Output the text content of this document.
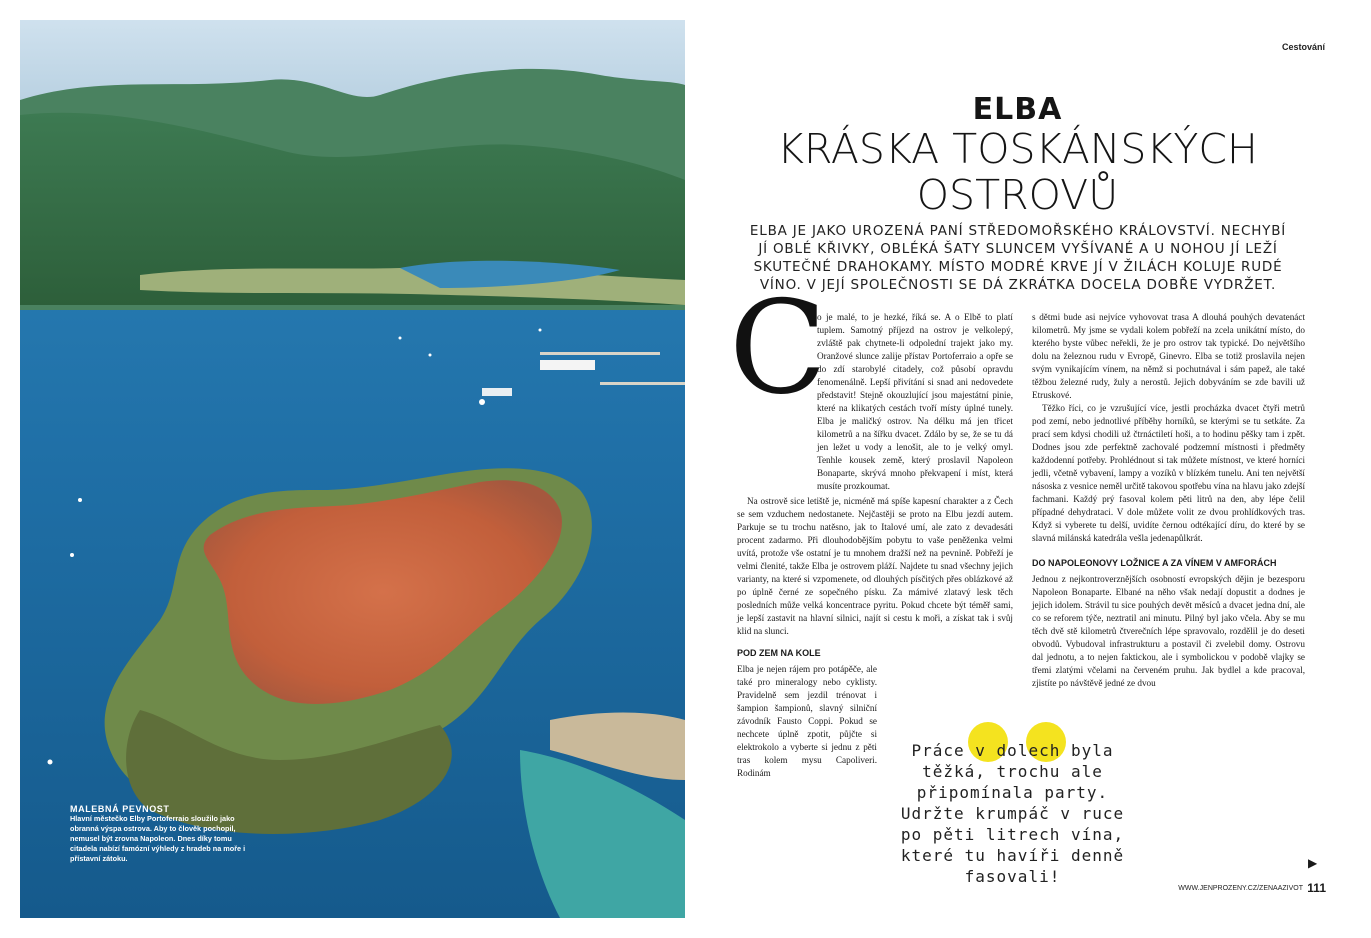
MALEBNÁ PEVNOST
Hlavní městečko Elby Portoferraio sloužilo jako obranná výspa ostrova. Aby to člověk pochopil, nemusel být zrovna Napoleon. Dnes díky tomu citadela nabízí famózní výhledy z hradeb na moře i přístavní zátoku.
Cestování
ELBA
KRÁSKA TOSKÁNSKÝCH
OSTROVŮ
ELBA JE JAKO UROZENÁ PANÍ STŘEDOMOŘSKÉHO KRÁLOVSTVÍ. NECHYBÍ JÍ OBLÉ KŘIVKY, OBLÉKÁ ŠATY SLUNCEM VYŠÍVANÉ A U NOHOU JÍ LEŽÍ SKUTEČNÉ DRAHOKAMY. MÍSTO MODRÉ KRVE JÍ V ŽILÁCH KOLUJE RUDÉ VÍNO. V JEJÍ SPOLEČNOSTI SE DÁ ZKRÁTKA DOCELA DOBŘE VYDRŽET.
C

o je malé, to je hezké, říká se. A o Elbě to platí tuplem. Samotný příjezd na ostrov je velkolepý, zvláště pak chytnete-li odpolední trajekt jako my. Oranžové slunce zalije přístav Portoferraio a opře se do zdí starobylé citadely, což působí opravdu fenomenálně. Lepší přivítání si snad ani nedovedete představit! Stejně okouzlující jsou majestátní pinie, které na klikatých cestách tvoří místy úplné tunely. Elba je maličký ostrov. Na délku má jen třicet kilometrů a na šířku dvacet. Zdálo by se, že se tu dá jen ležet u vody a lenošit, ale to je velký omyl. Tenhle kousek země, který proslavil Napoleon Bonaparte, skrývá mnoho překvapení i míst, která musíte prozkoumat.

Na ostrově sice letiště je, nicméně má spíše kapesní charakter a z Čech se sem vzduchem nedostanete. Nejčastěji se proto na Elbu jezdí autem. Parkuje se tu trochu natěsno, jak to Italové umí, ale zato z devadesáti procent zadarmo. Při dlouhodobějším pobytu to vaše peněženka velmi uvítá, protože vše ostatní je tu mnohem dražší než na pevnině. Pobřeží je velmi členité, takže Elba je ostrovem pláží. Najdete tu snad všechny jejich varianty, na které si vzpomenete, od dlouhých písčitých přes oblázkové až po úplně černé ze sopečného písku. Za mámivé zlatavý lesk těch posledních může velká koncentrace pyritu. Pokud chcete být téměř sami, je lepší zastavit na hlavní silnici, najít si cestu k moři, a získat tak i svůj klid na slunci.

POD ZEM NA KOLE

Elba je nejen rájem pro potápěče, ale také pro mineralogy nebo cyklisty. Pravidelně sem jezdil trénovat i šampion šampionů, slavný silniční závodník Fausto Coppi. Pokud se nechcete úplně zpotit, půjčte si elektrokolo a vyberte si jednu z pěti tras kolem mysu Capoliveri. Rodinám

s dětmi bude asi nejvíce vyhovovat trasa A dlouhá pouhých devatenáct kilometrů. My jsme se vydali kolem pobřeží na zcela unikátní místo, do kterého byste vůbec neřekli, že je pro ostrov tak typické. Do největšího dolu na železnou rudu v Evropě, Ginevro. Elba se totiž proslavila nejen svým vynikajícím vínem, na němž si pochutnával i sám papež, ale také těžbou železné rudy, žuly a nerostů. Jejich dobyváním se zde bavili už Etruskové.

Těžko říci, co je vzrušující více, jestli procházka dvacet čtyři metrů pod zemí, nebo jednotlivé příběhy horníků, se kterými se tu setkáte. Za prací sem kdysi chodili už čtrnáctiletí hoši, a to hodinu pěšky tam i zpět. Dodnes jsou zde perfektně zachovalé podzemní místnosti i předměty každodenní potřeby. Prohlédnout si tak můžete místnost, ve které horníci jedli, včetně vybavení, lampy a vozíků v blízkém tunelu. Ani ten největší násoska z vesnice neměl určitě takovou spotřebu vína na hlavu jako zdejší fachmani. Každý prý fasoval kolem pěti litrů na den, aby lépe čelil případné dehydrataci. V dole můžete volit ze dvou prohlídkových tras. Když si vyberete tu delší, uvidíte černou odtékající díru, do které by se slavná milánská katedrála vešla jedenapůlkrát.

DO NAPOLEONOVY LOŽNICE A ZA VÍNEM V AMFORÁCH

Jednou z nejkontroverznějších osobností evropských dějin je bezesporu Napoleon Bonaparte. Elbané na něho však nedají dopustit a dodnes je jejich idolem. Strávil tu sice pouhých devět měsíců a dvacet jedna dní, ale co se reforem týče, neztratil ani minutu. Pilný byl jako včela. Aby se mu těch dvě stě kilometrů čtverečních lépe spravovalo, rozdělil je do deseti obvodů. Vybudoval infrastrukturu a postavil či zvelebil domy. Ostrovu dal jednotu, a to nejen faktickou, ale i symbolickou v podobě vlajky se třemi zlatými včelami na červeném pruhu. Jak bydlel a kde pracoval, zjistíte po návštěvě jedné ze dvou

Práce v dolech byla těžká, trochu ale připomínala party. Udržte krumpáč v ruce po pěti litrech vína, které tu havíři denně fasovali!
▶
WWW.JENPROZENY.CZ/ZENAAZIVOT 111
